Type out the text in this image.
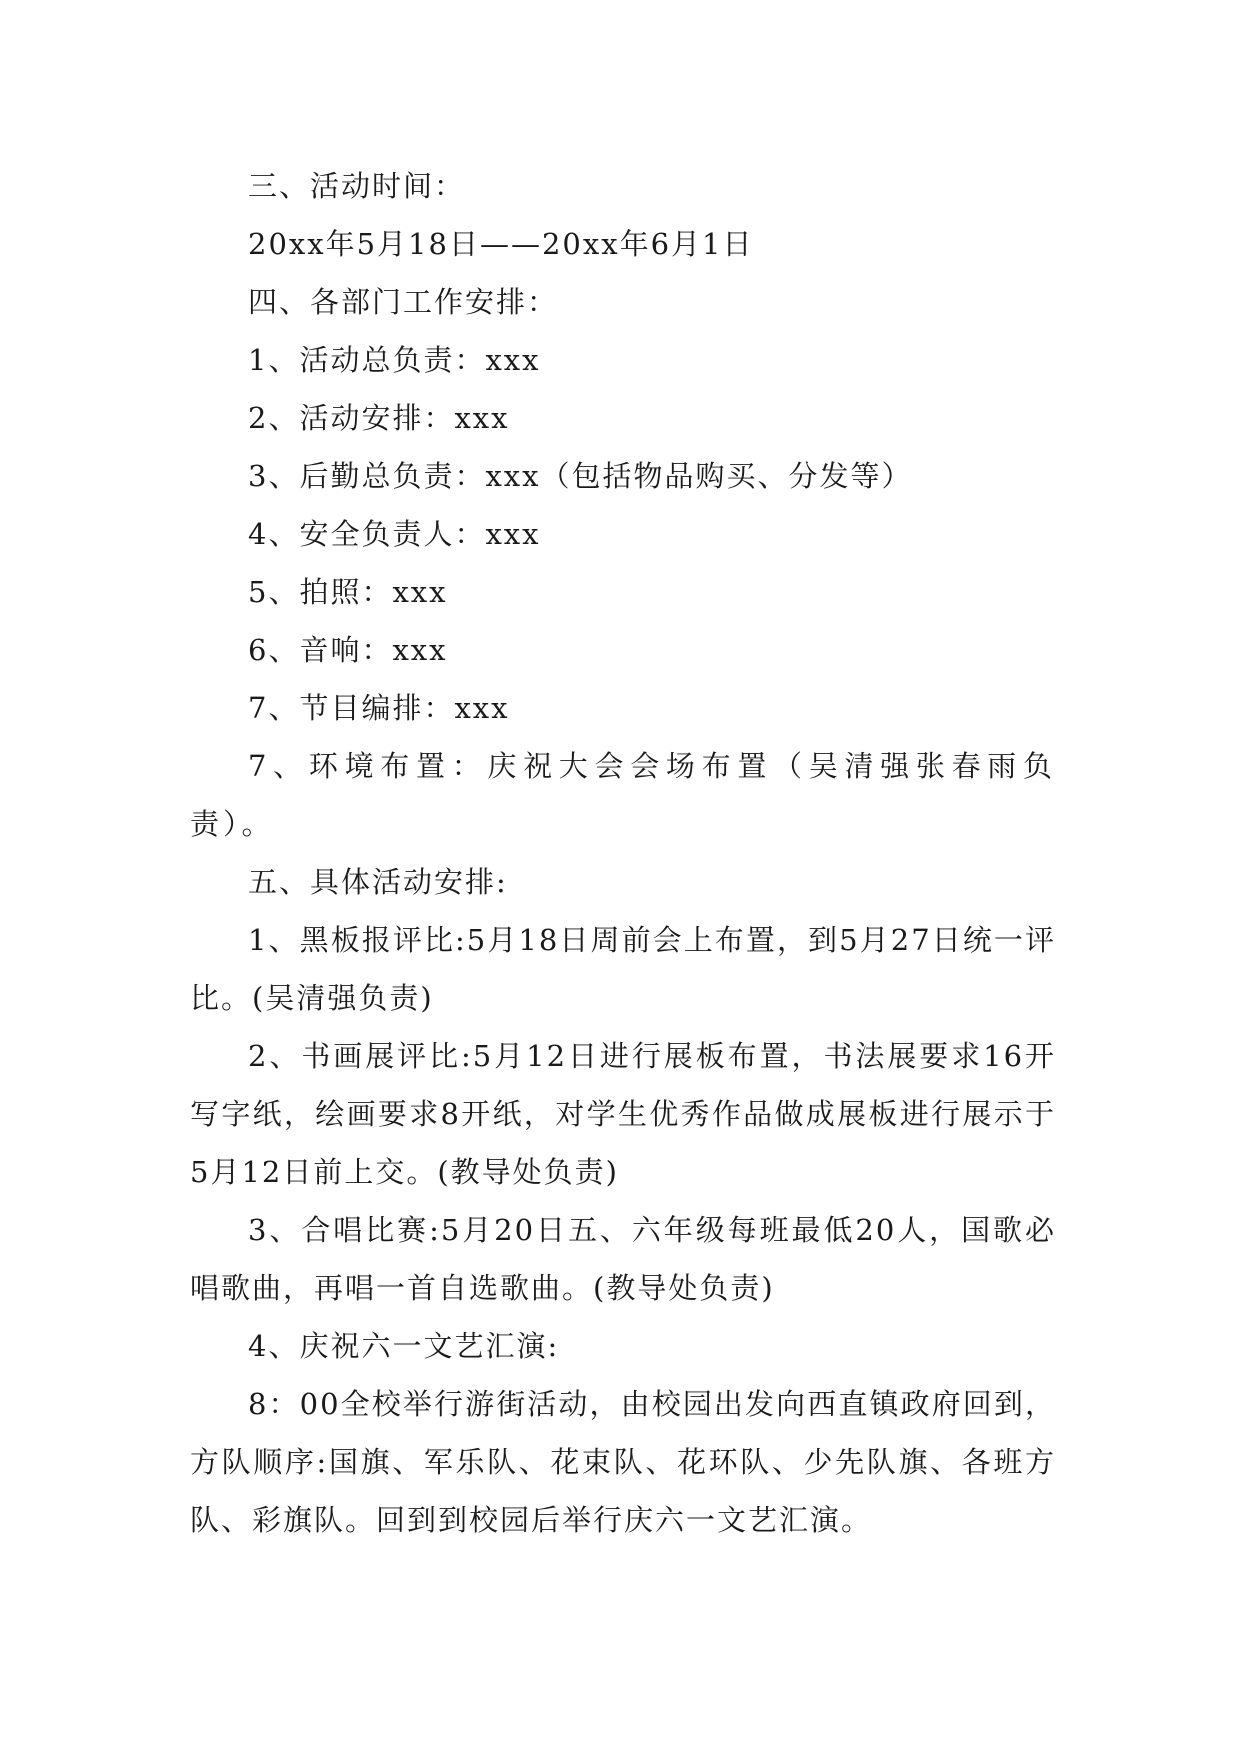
三、活动时间：

20xx年5月18日——20xx年6月1日

四、各部门工作安排：

1、活动总负责：xxx

2、活动安排：xxx

3、后勤总负责：xxx（包括物品购买、分发等）

4、安全负责人：xxx

5、拍照：xxx

6、音响：xxx

7、节目编排：xxx

7、环境布置：庆祝大会会场布置（吴清强张春雨负责）。

五、具体活动安排:

1、黑板报评比:5月18日周前会上布置，到5月27日统一评比。(吴清强负责)

2、书画展评比:5月12日进行展板布置，书法展要求16开写字纸，绘画要求8开纸，对学生优秀作品做成展板进行展示于5月12日前上交。(教导处负责)

3、合唱比赛:5月20日五、六年级每班最低20人，国歌必唱歌曲，再唱一首自选歌曲。(教导处负责)

4、庆祝六一文艺汇演:

8：00全校举行游街活动，由校园出发向西直镇政府回到，方队顺序:国旗、军乐队、花束队、花环队、少先队旗、各班方队、彩旗队。回到到校园后举行庆六一文艺汇演。
